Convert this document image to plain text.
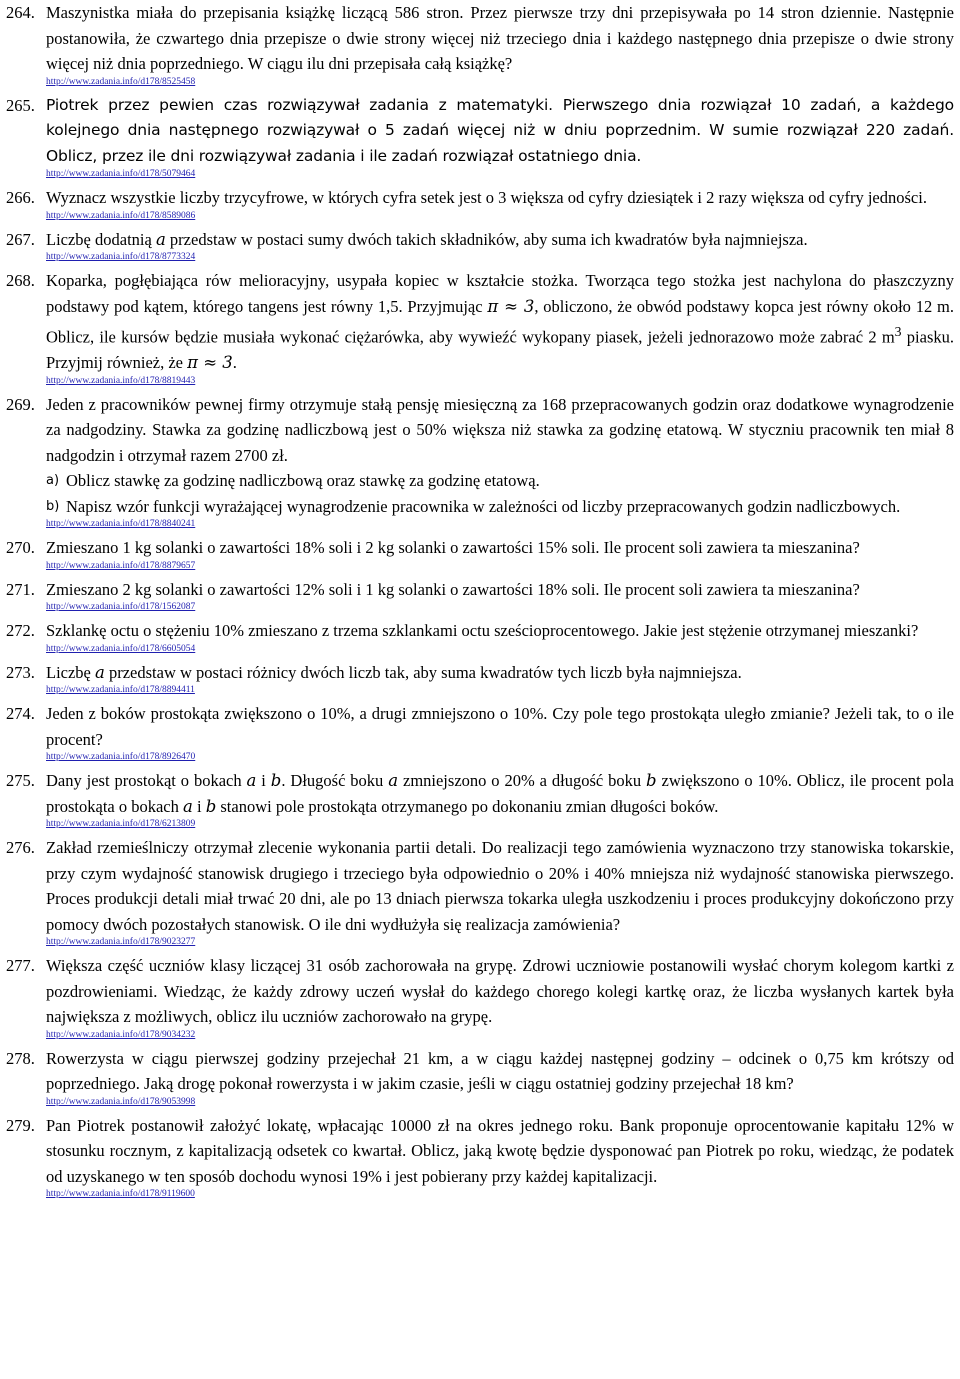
264. Maszynistka miała do przepisania książkę liczącą 586 stron. Przez pierwsze trzy dni przepisywała po 14 stron dziennie. Następnie postanowiła, że czwartego dnia przepisze o dwie strony więcej niż trzeciego dnia i każdego następnego dnia przepisze o dwie strony więcej niż dnia poprzedniego. W ciągu ilu dni przepisała całą książkę?
http://www.zadania.info/d178/8525458
265. Piotrek przez pewien czas rozwiązywał zadania z matematyki. Pierwszego dnia rozwiązał 10 zadań, a każdego kolejnego dnia następnego rozwiązywał o 5 zadań więcej niż w dniu poprzednim. W sumie rozwiązał 220 zadań. Oblicz, przez ile dni rozwiązywał zadania i ile zadań rozwiązał ostatniego dnia.
http://www.zadania.info/d178/5079464
266. Wyznacz wszystkie liczby trzycyfrowe, w których cyfra setek jest o 3 większa od cyfry dziesiątek i 2 razy większa od cyfry jedności.
http://www.zadania.info/d178/8589086
267. Liczbę dodatnią a przedstaw w postaci sumy dwóch takich składników, aby suma ich kwadratów była najmniejsza.
http://www.zadania.info/d178/8773324
268. Koparka, pogłębiająca rów melioracyjny, usypała kopiec w kształcie stożka. Tworząca tego stożka jest nachylona do płaszczyzny podstawy pod kątem, którego tangens jest równy 1,5. Przyjmując π ≈ 3, obliczono, że obwód podstawy kopca jest równy około 12 m. Oblicz, ile kursów będzie musiała wykonać ciężarówka, aby wywieźć wykopany piasek, jeżeli jednorazowo może zabrać 2 $m^3$ piasku. Przyjmij również, że π ≈ 3.
http://www.zadania.info/d178/8819443
269. Jeden z pracowników pewnej firmy otrzymuje stałą pensję miesięczną za 168 przepracowanych godzin oraz dodatkowe wynagrodzenie za nadgodziny. Stawka za godzinę nadliczbową jest o 50% większa niż stawka za godzinę etatową. W styczniu pracownik ten miał 8 nadgodzin i otrzymał razem 2700 zł.
a) Oblicz stawkę za godzinę nadliczbową oraz stawkę za godzinę etatową.
b) Napisz wzór funkcji wyrażającej wynagrodzenie pracownika w zależności od liczby przepracowanych godzin nadliczbowych.
http://www.zadania.info/d178/8840241
270. Zmieszano 1 kg solanki o zawartości 18% soli i 2 kg solanki o zawartości 15% soli. Ile procent soli zawiera ta mieszanina?
http://www.zadania.info/d178/8879657
271. Zmieszano 2 kg solanki o zawartości 12% soli i 1 kg solanki o zawartości 18% soli. Ile procent soli zawiera ta mieszanina?
http://www.zadania.info/d178/1562087
272. Szklankę octu o stężeniu 10% zmieszano z trzema szklankami octu sześcioprocentowego. Jakie jest stężenie otrzymanej mieszanki?
http://www.zadania.info/d178/6605054
273. Liczbę a przedstaw w postaci różnicy dwóch liczb tak, aby suma kwadratów tych liczb była najmniejsza.
http://www.zadania.info/d178/8894411
274. Jeden z boków prostokąta zwiększono o 10%, a drugi zmniejszono o 10%. Czy pole tego prostokąta uległo zmianie? Jeżeli tak, to o ile procent?
http://www.zadania.info/d178/8926470
275. Dany jest prostokąt o bokach a i b. Długość boku a zmniejszono o 20% a długość boku b zwiększono o 10%. Oblicz, ile procent pola prostokąta o bokach a i b stanowi pole prostokąta otrzymanego po dokonaniu zmian długości boków.
http://www.zadania.info/d178/6213809
276. Zakład rzemieślniczy otrzymał zlecenie wykonania partii detali. Do realizacji tego zamówienia wyznaczono trzy stanowiska tokarskie, przy czym wydajność stanowisk drugiego i trzeciego była odpowiednio o 20% i 40% mniejsza niż wydajność stanowiska pierwszego. Proces produkcji detali miał trwać 20 dni, ale po 13 dniach pierwsza tokarka uległa uszkodzeniu i proces produkcyjny dokończono przy pomocy dwóch pozostałych stanowisk. O ile dni wydłużyła się realizacja zamówienia?
http://www.zadania.info/d178/9023277
277. Większa część uczniów klasy liczącej 31 osób zachorowała na grypę. Zdrowi uczniowie postanowili wysłać chorym kolegom kartki z pozdrowieniami. Wiedząc, że każdy zdrowy uczeń wysłał do każdego chorego kolegi kartkę oraz, że liczba wysłanych kartek była największa z możliwych, oblicz ilu uczniów zachorowało na grypę.
http://www.zadania.info/d178/9034232
278. Rowerzysta w ciągu pierwszej godziny przejechał 21 km, a w ciągu każdej następnej godziny – odcinek o 0,75 km krótszy od poprzedniego. Jaką drogę pokonał rowerzysta i w jakim czasie, jeśli w ciągu ostatniej godziny przejechał 18 km?
http://www.zadania.info/d178/9053998
279. Pan Piotrek postanowił założyć lokatę, wpłacając 10000 zł na okres jednego roku. Bank proponuje oprocentowanie kapitału 12% w stosunku rocznym, z kapitalizacją odsetek co kwartał. Oblicz, jaką kwotę będzie dysponować pan Piotrek po roku, wiedząc, że podatek od uzyskanego w ten sposób dochodu wynosi 19% i jest pobierany przy każdej kapitalizacji.
http://www.zadania.info/d178/9119600
